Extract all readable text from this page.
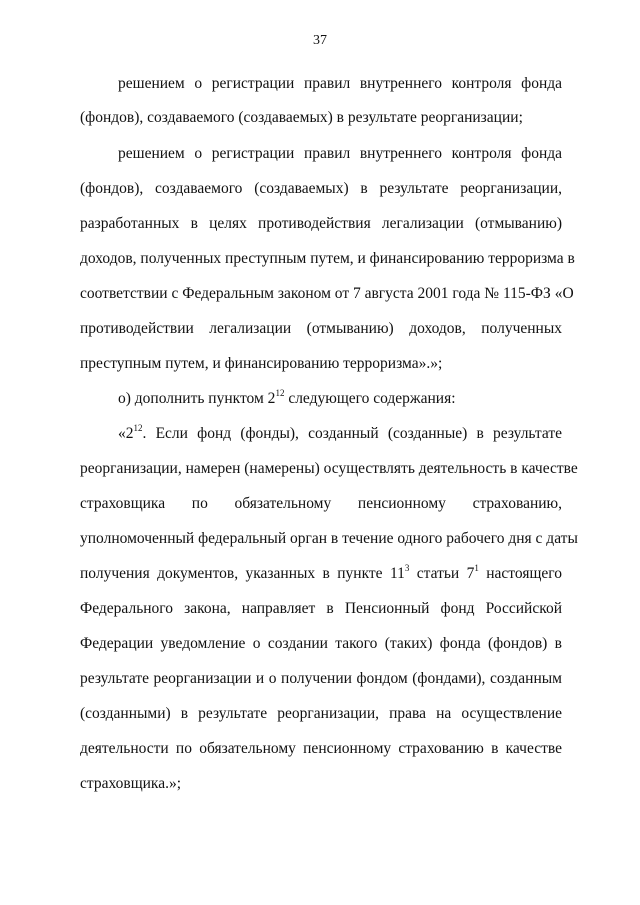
37
решением о регистрации правил внутреннего контроля фонда
(фондов), создаваемого (создаваемых) в результате реорганизации;
решением о регистрации правил внутреннего контроля фонда
(фондов), создаваемого (создаваемых) в результате реорганизации,
разработанных в целях противодействия легализации (отмыванию)
доходов, полученных преступным путем, и финансированию терроризма в
соответствии с Федеральным законом от 7 августа 2001 года № 115-ФЗ «О
противодействии легализации (отмыванию) доходов, полученных
преступным путем, и финансированию терроризма».»;
о) дополнить пунктом $2^{12}$ следующего содержания:
«$2^{12}$. Если фонд (фонды), созданный (созданные) в результате
реорганизации, намерен (намерены) осуществлять деятельность в качестве
страховщика по обязательному пенсионному страхованию,
уполномоченный федеральный орган в течение одного рабочего дня с даты
получения документов, указанных в пункте $11^3$ статьи $7^1$ настоящего
Федерального закона, направляет в Пенсионный фонд Российской
Федерации уведомление о создании такого (таких) фонда (фондов) в
результате реорганизации и о получении фондом (фондами), созданным
(созданными) в результате реорганизации, права на осуществление
деятельности по обязательному пенсионному страхованию в качестве
страховщика.»;
